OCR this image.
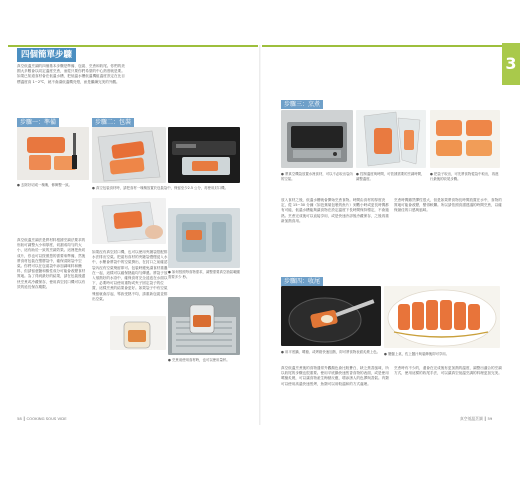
四個簡單步驟
真空低溫烹調的四個基本步驟是準備、包裝、烹煮和收尾。你們的美國大多數會以同定溫度烹煮，而從只要你們希望的中心熟度就是要。如果已知道食材會在低溫水槽，把低溫水槽低溫機組溫度設定在比目標溫度高 1~2℃，就不會讓低溫機亮燈，而是繼續完美的外觀。
步驟一：準備	步驟二：包裝
● 去除好切成一塊塊，修飾整一致。
● 真空包裝食材時，請把食材一塊塊放置於包裝袋中，保留至少2.5 公分，再使用封口機。
真空低溫烹調法是將材料根據烹調法要求的形狀可調整大小和厚度，切割成均勻的大小，這有助於一致的烹調效果。這裡把魚切成片，你也可以按照您的需要來準備，然後將食材包裝在塑膠袋中，確保清除袋中空氣。你們可以在包裝袋中添加調味料和醃料，但請留意鹽和酸性成分可能會改變食材質地。為了得到最好的結果，請在包裝後盡快烹煮或冷藏保存，使用真空封口機可以有效的延長保存期限。
如果沒有真空封口機，也可以使用夾鏈袋搭配排水法排出空氣。把裝有食材的夾鏈袋慢慢浸入水中，水壓會將袋中的空氣擠出，在封口之前確認袋內沒有空氣殘留即可。包裝時避免讓食材重疊在一起，這樣可以確保熱能均勻傳遞。將袋子放入預熱好的水浴中，確保食材完全浸泡在水面以下，必要時可以使用重物或夾子固定袋子的位置，這樣烹煮的結果會更好。如果袋子中有空氣殘留就會浮起，導致受熱不均，請重新包裝並排出空氣。
● 如何按照每食物需求，調整需要真空抽氣範圍需要多少 秒。
● 烹煮前使用食材時，也可以使用量杯。
58 ┃ COOKING SOUS VIDE
3
步驟三：烹煮
● 將真空機袋放置水裡食材，可以不必取出袋內的空氣。
● 控制溫度與時間，可依據需要的烹調時間，調整溫度。
● 把袋子取出，可先將食物從袋中取出，再進行最後的收尾步驟。
放入食材之後，低溫水槽就會開始烹煮食物。時間由食材的厚度決定，從 15~30 分鐘（如芭蕉葉包裹的魚片）到數小時或更長時間都有可能，低溫水槽能夠讓食物在設定溫度下長時間保持穩定，不會過熟。烹煮完成後可以直接享用，或是快速冷卻後冷藏保存，之後再重新加熱食用。
烹煮時間雖然彈性很大，但是如果將食物長時間放置在水中，食物的質地可能會改變，變得軟爛。所以請依照食譜建議的時間烹煮，以確保最佳的口感與風味。
步驟四：收尾
● 用平底鍋、噴槍、或烤箱快速加熱，即可將食物表面炙燒上色。 ● 擺盤上桌，佐上醬汁與裝飾後即可享用。
真空低溫烹煮後的食物通常外觀顏色會比較蒼白，缺乏焦香風味，所以收尾的步驟也很重要。使用平底鍋快速煎香食物的表面，或是使用噴槍炙燒，可以讓食物產生梅納反應，增添誘人的色澤與香氣。肉類可以使用高溫快速煎烤，魚類可以用較溫和的方式處理。
烹煮時有不少的，還會在完成後有更加熱的溫度，調整出適合的烹調方式，使用這樣的收尾手法，可以讓真空低溫烹調的料理更加完美。
真空低溫烹調 ┃ 59
